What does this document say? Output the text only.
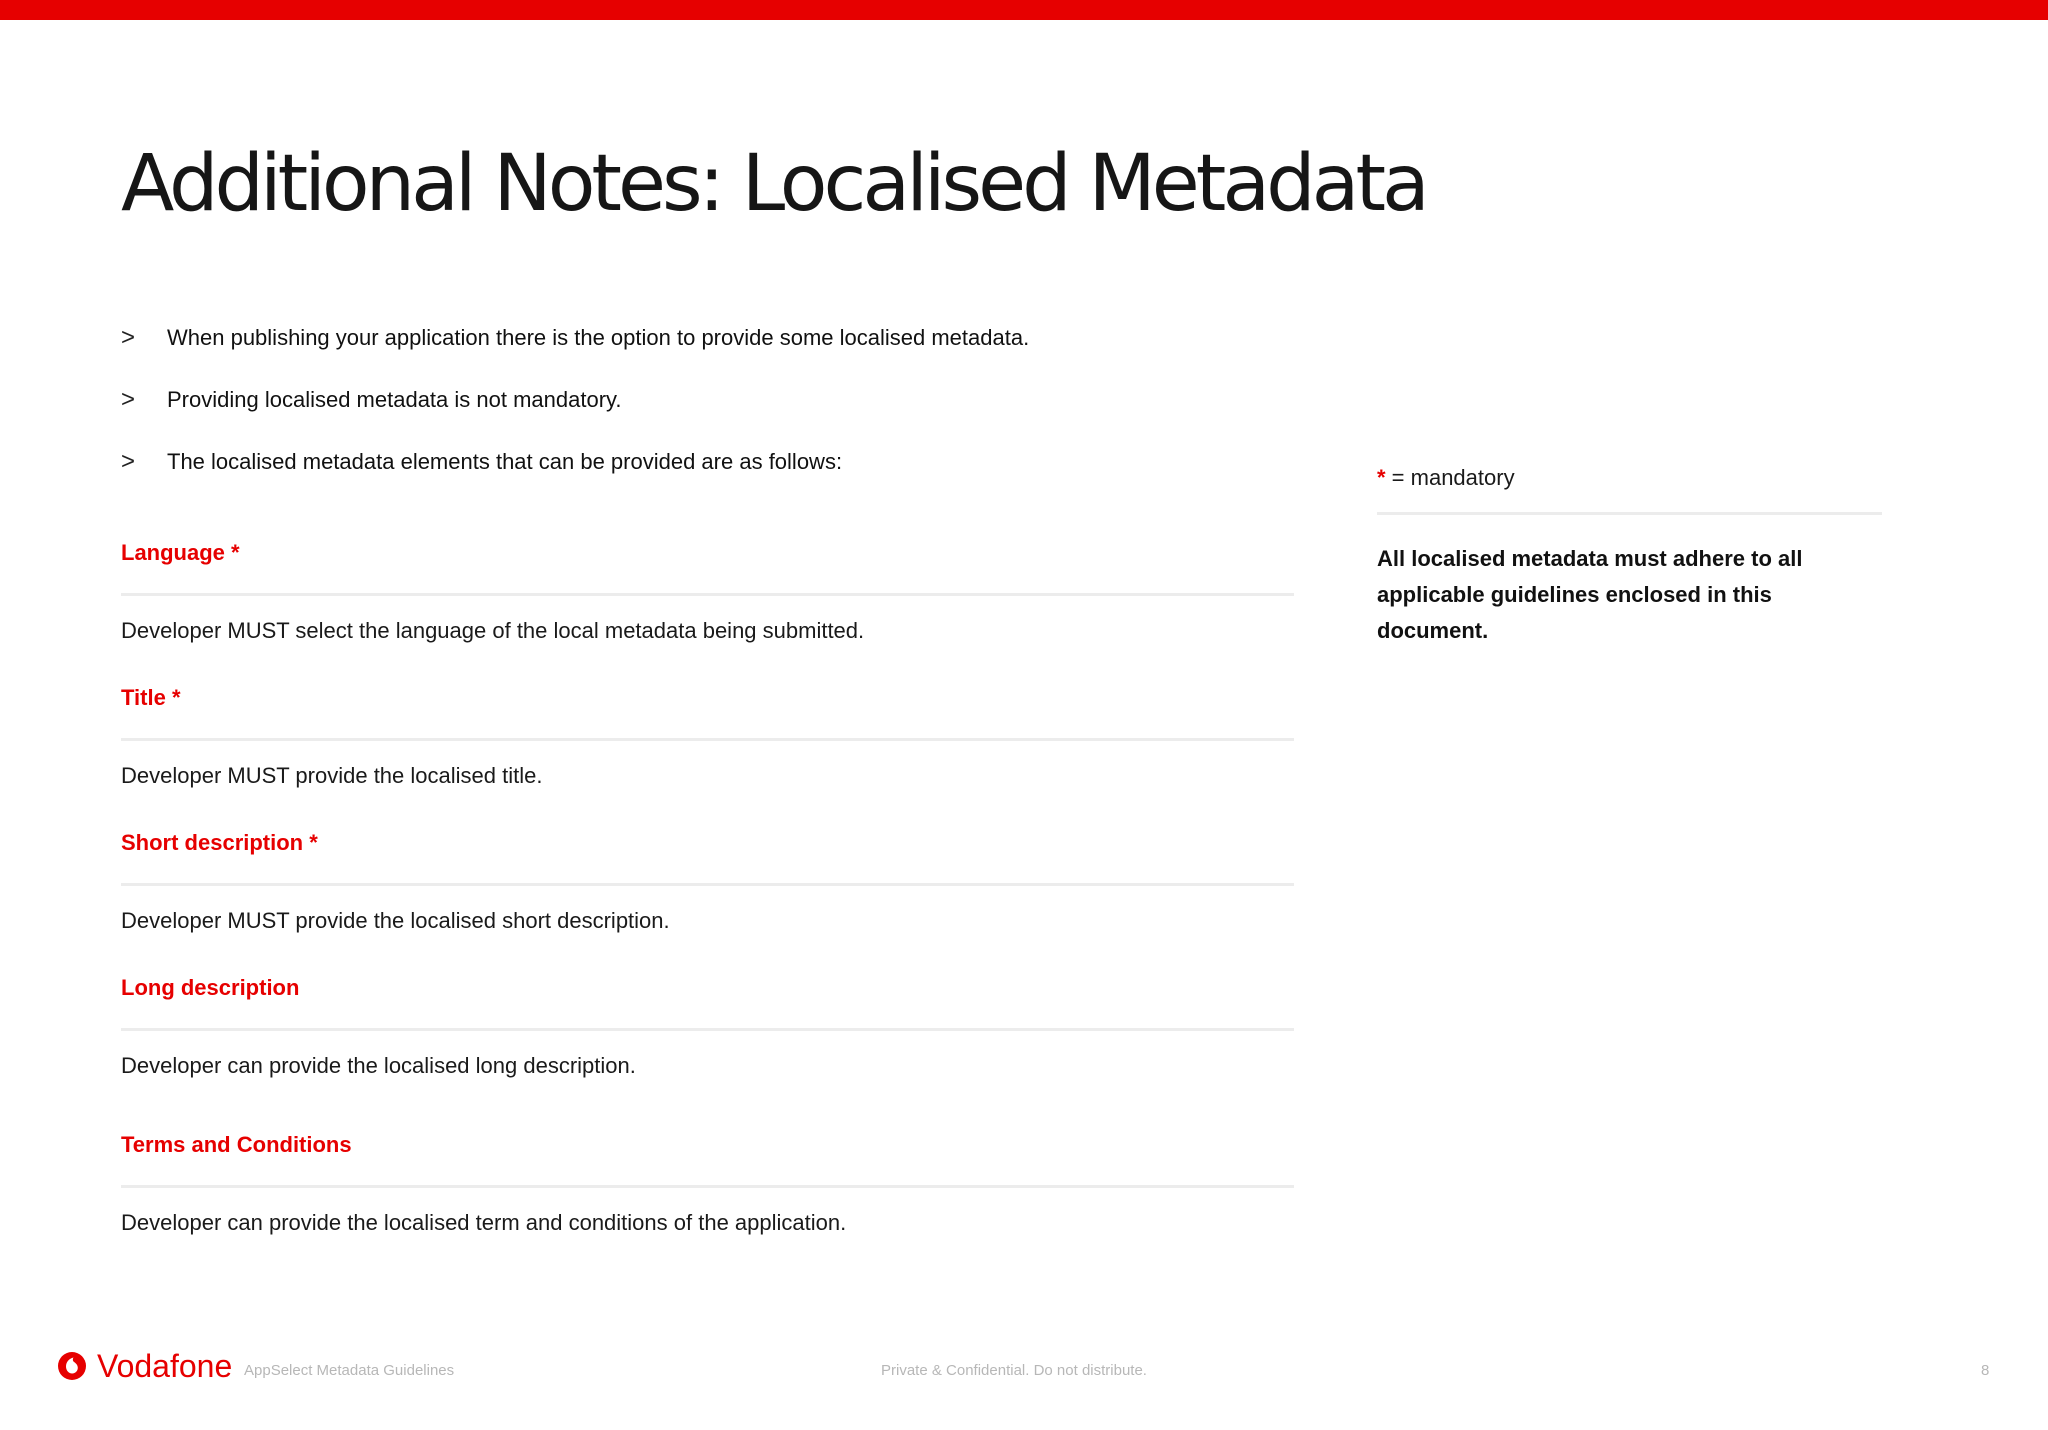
Additional Notes: Localised Metadata
> When publishing your application there is the option to provide some localised metadata.
> Providing localised metadata is not mandatory.
> The localised metadata elements that can be provided are as follows:
Language *

Developer MUST select the language of the local metadata being submitted.

Title *

Developer MUST provide the localised title.

Short description *

Developer MUST provide the localised short description.

Long description

Developer can provide the localised long description.

Terms and Conditions

Developer can provide the localised term and conditions of the application.

* = mandatory
All localised metadata must adhere to all applicable guidelines enclosed in this document.
Vodafone AppSelect Metadata Guidelines	Private & Confidential. Do not distribute.	8
